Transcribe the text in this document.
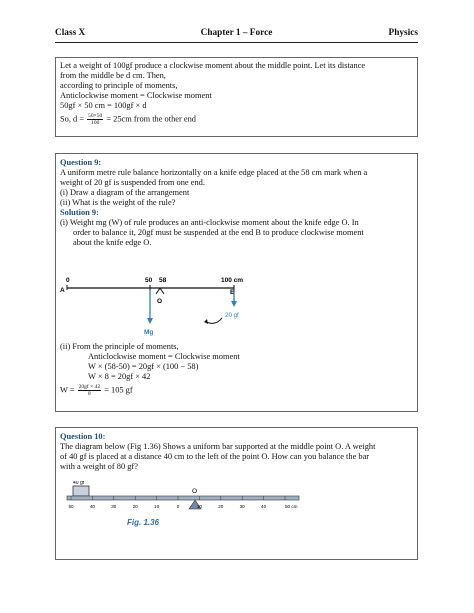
Class X	Chapter 1 – Force	Physics
Let a weight of 100gf produce a clockwise moment about the middle point. Let its distance
from the middle be d cm. Then,
according to principle of moments,
Anticlockwise moment = Clockwise moment
50gf × 50 cm = 100gf × d
So, $d = \frac{50\times 50}{100} = 25cm$ from the other end
Question 9:
A uniform metre rule balance horizontally on a knife edge placed at the 58 cm mark when a
weight of 20 gf is suspended from one end.
(i) Draw a diagram of the arrangement
(ii) What is the weight of the rule?
Solution 9:
(i) Weight mg (W) of rule produces an anti-clockwise moment about the knife edge O. In
order to balance it, 20gf must be suspended at the end B to produce clockwise moment
about the knife edge O.
0	50 58	100 cm
A	B
O
Mg
20 gf
(ii) From the principle of moments,
Anticlockwise moment = Clockwise moment
W × (58-50) = 20gf × (100 − 58)
W × 8 = 20gf × 42
$W = \frac{20gf \times 42}{8} = 105$ gf
Question 10:
The diagram below (Fig 1.36) Shows a uniform bar supported at the middle point O. A weight
of 40 gf is placed at a distance 40 cm to the left of the point O. How can you balance the bar
with a weight of 80 gf?
40 gf
O
50	40	30	20	10	0	10	20	30	40	50 cm
Fig. 1.36
